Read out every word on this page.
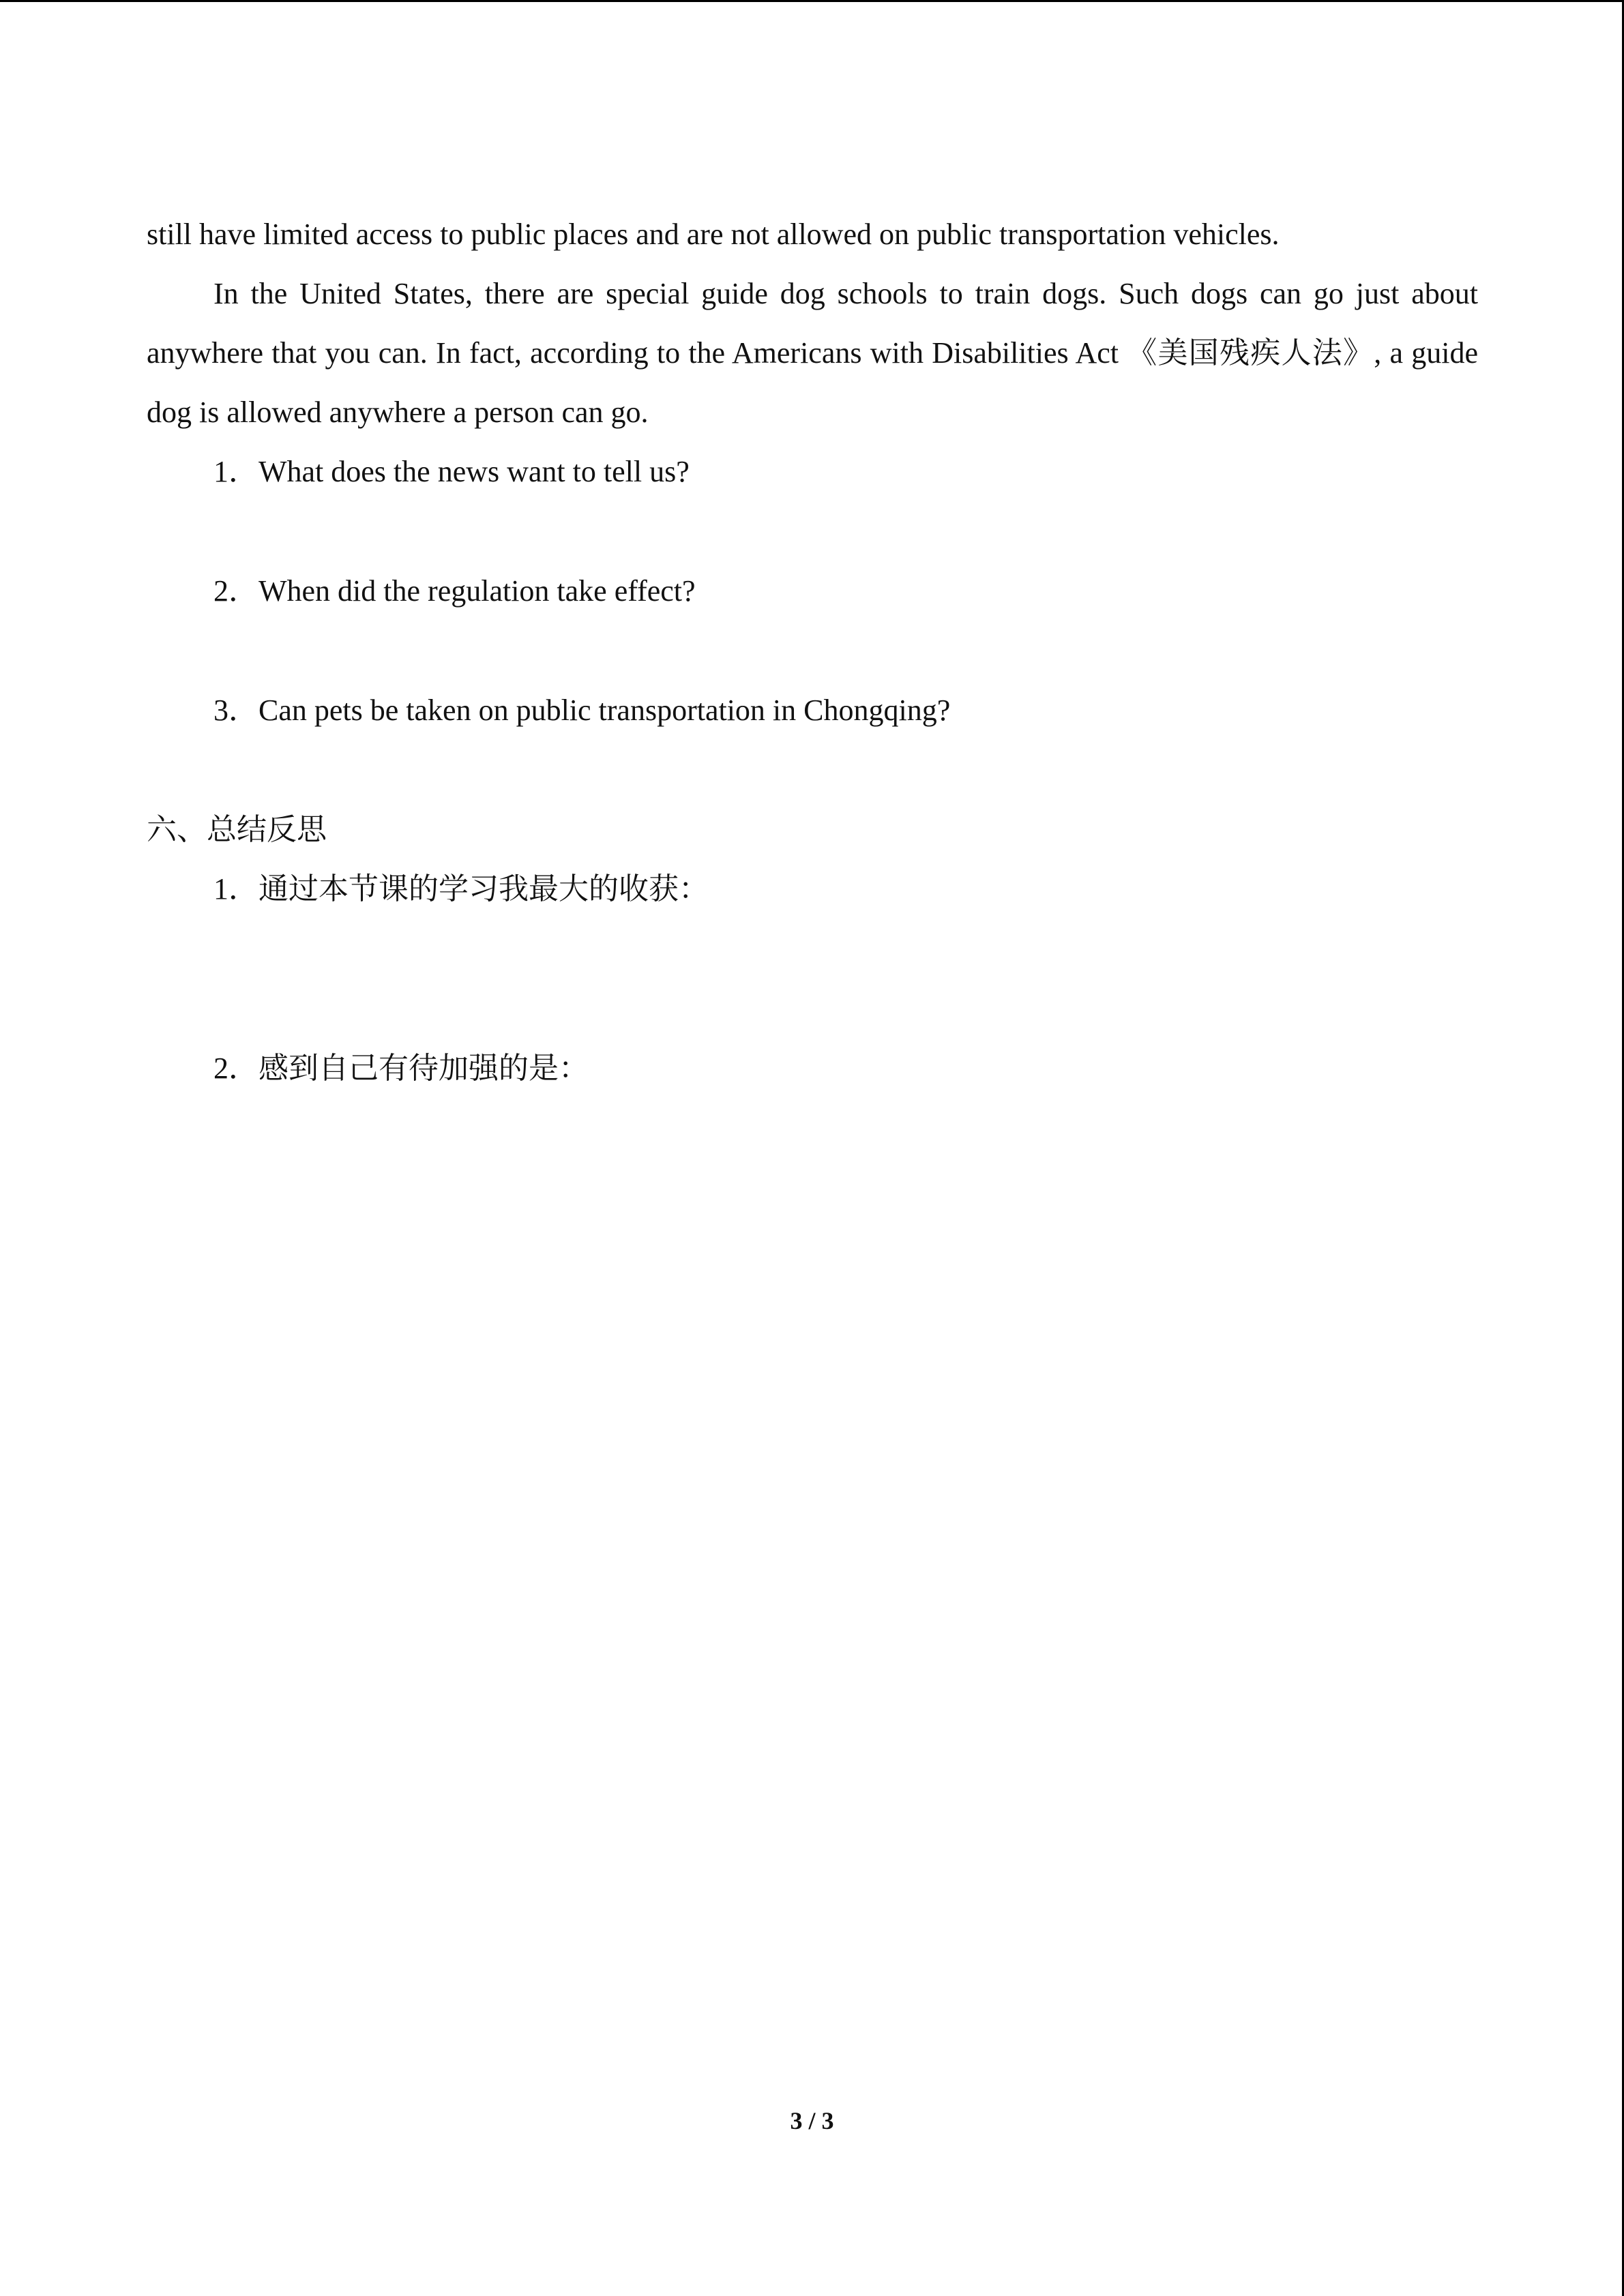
still have limited access to public places and are not allowed on public transportation vehicles.
In the United States, there are special guide dog schools to train dogs. Such dogs can go just about anywhere that you can. In fact, according to the Americans with Disabilities Act 《美国残疾人法》, a guide dog is allowed anywhere a person can go.
1．What does the news want to tell us?
2．When did the regulation take effect?
3．Can pets be taken on public transportation in Chongqing?
六、总结反思
1．通过本节课的学习我最大的收获：
2．感到自己有待加强的是：
3 / 3
